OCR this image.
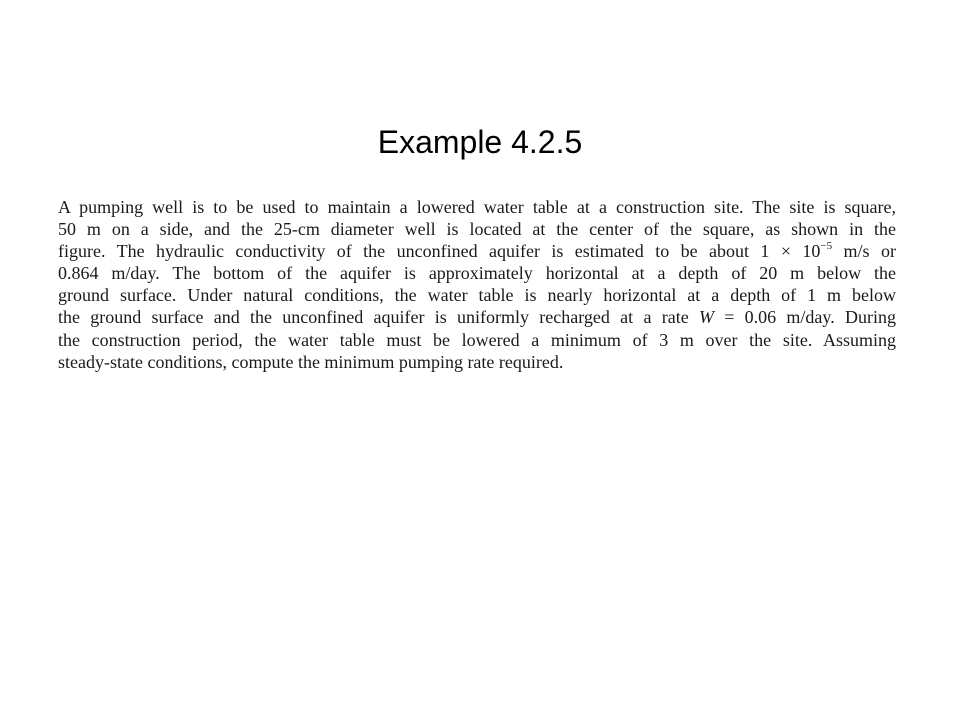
Example 4.2.5
A pumping well is to be used to maintain a lowered water table at a construction site. The site is square,
50 m on a side, and the 25-cm diameter well is located at the center of the square, as shown in the
figure. The hydraulic conductivity of the unconfined aquifer is estimated to be about $1 \times 10^{-5}$ m/s or
0.864 m/day. The bottom of the aquifer is approximately horizontal at a depth of 20 m below the
ground surface. Under natural conditions, the water table is nearly horizontal at a depth of 1 m below
the ground surface and the unconfined aquifer is uniformly recharged at a rate W = 0.06 m/day. During
the construction period, the water table must be lowered a minimum of 3 m over the site. Assuming
steady-state conditions, compute the minimum pumping rate required.
